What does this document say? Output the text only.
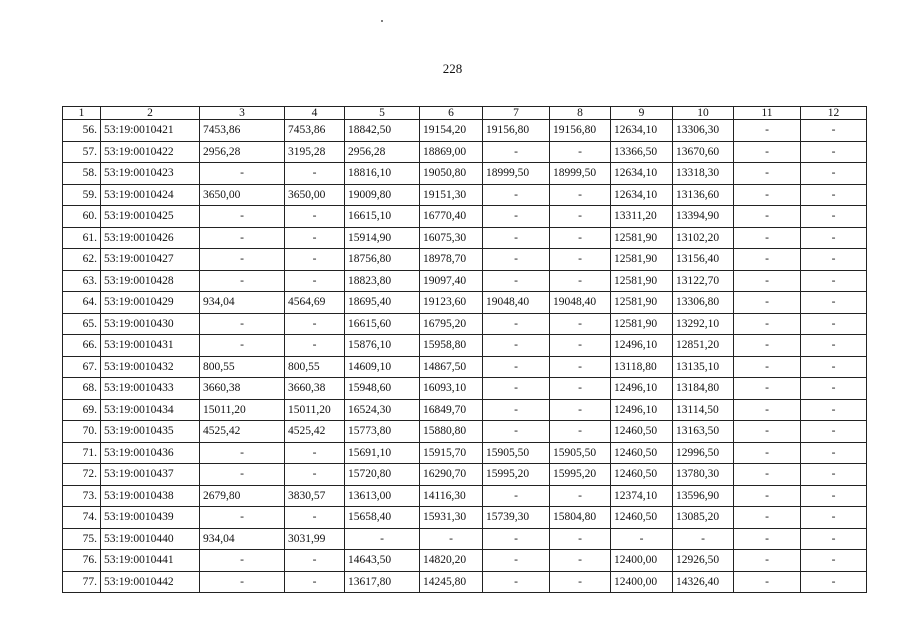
228
1	2	3	4	5	6	7	8	9	10	11	12
56.	53:19:0010421	7453,86	7453,86	18842,50	19154,20	19156,80	19156,80	12634,10	13306,30	-	-
57.	53:19:0010422	2956,28	3195,28	2956,28	18869,00	-	-	13366,50	13670,60	-	-
58.	53:19:0010423	-	-	18816,10	19050,80	18999,50	18999,50	12634,10	13318,30	-	-
59.	53:19:0010424	3650,00	3650,00	19009,80	19151,30	-	-	12634,10	13136,60	-	-
60.	53:19:0010425	-	-	16615,10	16770,40	-	-	13311,20	13394,90	-	-
61.	53:19:0010426	-	-	15914,90	16075,30	-	-	12581,90	13102,20	-	-
62.	53:19:0010427	-	-	18756,80	18978,70	-	-	12581,90	13156,40	-	-
63.	53:19:0010428	-	-	18823,80	19097,40	-	-	12581,90	13122,70	-	-
64.	53:19:0010429	934,04	4564,69	18695,40	19123,60	19048,40	19048,40	12581,90	13306,80	-	-
65.	53:19:0010430	-	-	16615,60	16795,20	-	-	12581,90	13292,10	-	-
66.	53:19:0010431	-	-	15876,10	15958,80	-	-	12496,10	12851,20	-	-
67.	53:19:0010432	800,55	800,55	14609,10	14867,50	-	-	13118,80	13135,10	-	-
68.	53:19:0010433	3660,38	3660,38	15948,60	16093,10	-	-	12496,10	13184,80	-	-
69.	53:19:0010434	15011,20	15011,20	16524,30	16849,70	-	-	12496,10	13114,50	-	-
70.	53:19:0010435	4525,42	4525,42	15773,80	15880,80	-	-	12460,50	13163,50	-	-
71.	53:19:0010436	-	-	15691,10	15915,70	15905,50	15905,50	12460,50	12996,50	-	-
72.	53:19:0010437	-	-	15720,80	16290,70	15995,20	15995,20	12460,50	13780,30	-	-
73.	53:19:0010438	2679,80	3830,57	13613,00	14116,30	-	-	12374,10	13596,90	-	-
74.	53:19:0010439	-	-	15658,40	15931,30	15739,30	15804,80	12460,50	13085,20	-	-
75.	53:19:0010440	934,04	3031,99	-	-	-	-	-	-	-	-
76.	53:19:0010441	-	-	14643,50	14820,20	-	-	12400,00	12926,50	-	-
77.	53:19:0010442	-	-	13617,80	14245,80	-	-	12400,00	14326,40	-	-
